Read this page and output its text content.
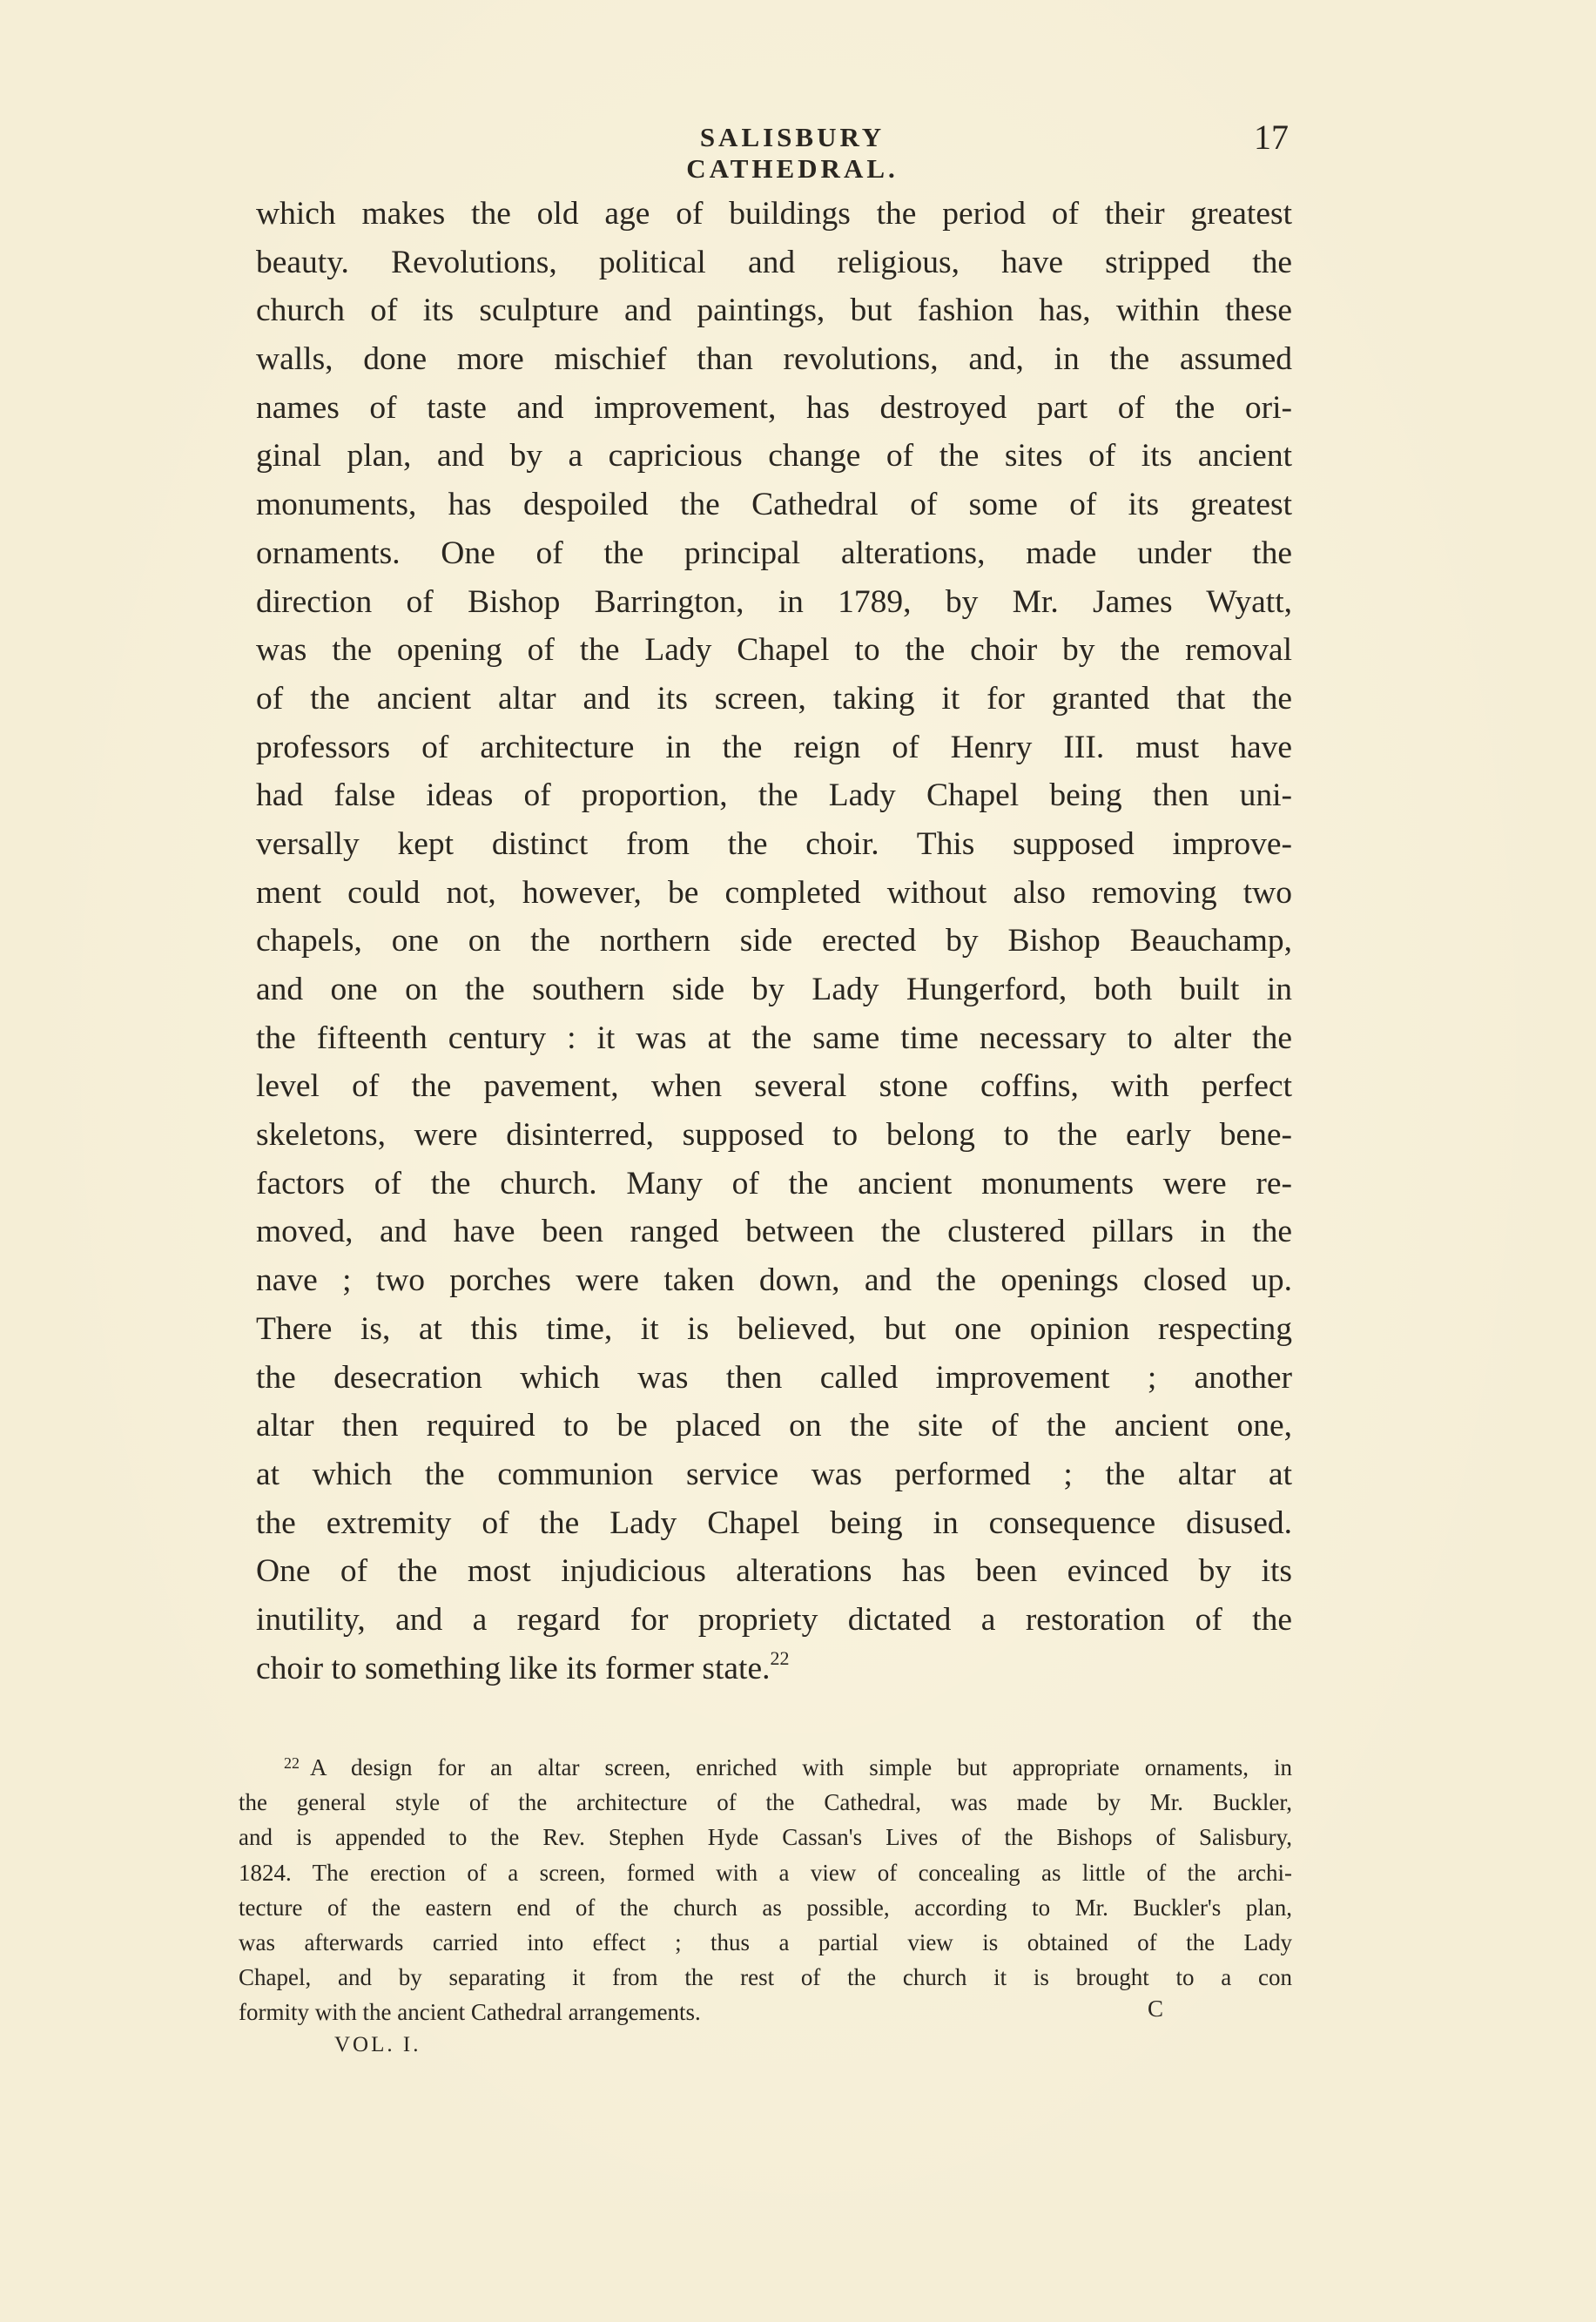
SALISBURY CATHEDRAL.
17
which makes the old age of buildings the period of their greatest
beauty. Revolutions, political and religious, have stripped the
church of its sculpture and paintings, but fashion has, within these
walls, done more mischief than revolutions, and, in the assumed
names of taste and improvement, has destroyed part of the ori-
ginal plan, and by a capricious change of the sites of its ancient
monuments, has despoiled the Cathedral of some of its greatest
ornaments. One of the principal alterations, made under the
direction of Bishop Barrington, in 1789, by Mr. James Wyatt,
was the opening of the Lady Chapel to the choir by the removal
of the ancient altar and its screen, taking it for granted that the
professors of architecture in the reign of Henry III. must have
had false ideas of proportion, the Lady Chapel being then uni-
versally kept distinct from the choir. This supposed improve-
ment could not, however, be completed without also removing two
chapels, one on the northern side erected by Bishop Beauchamp,
and one on the southern side by Lady Hungerford, both built in
the fifteenth century : it was at the same time necessary to alter the
level of the pavement, when several stone coffins, with perfect
skeletons, were disinterred, supposed to belong to the early bene-
factors of the church. Many of the ancient monuments were re-
moved, and have been ranged between the clustered pillars in the
nave ; two porches were taken down, and the openings closed up.
There is, at this time, it is believed, but one opinion respecting
the desecration which was then called improvement ; another
altar then required to be placed on the site of the ancient one,
at which the communion service was performed ; the altar at
the extremity of the Lady Chapel being in consequence disused.
One of the most injudicious alterations has been evinced by its
inutility, and a regard for propriety dictated a restoration of the
choir to something like its former state.$^{22}$
$^{22}$ A design for an altar screen, enriched with simple but appropriate ornaments, in
the general style of the architecture of the Cathedral, was made by Mr. Buckler,
and is appended to the Rev. Stephen Hyde Cassan's Lives of the Bishops of Salisbury,
1824. The erection of a screen, formed with a view of concealing as little of the archi-
tecture of the eastern end of the church as possible, according to Mr. Buckler's plan,
was afterwards carried into effect ; thus a partial view is obtained of the Lady
Chapel, and by separating it from the rest of the church it is brought to a con
formity with the ancient Cathedral arrangements.	C
VOL. I.
